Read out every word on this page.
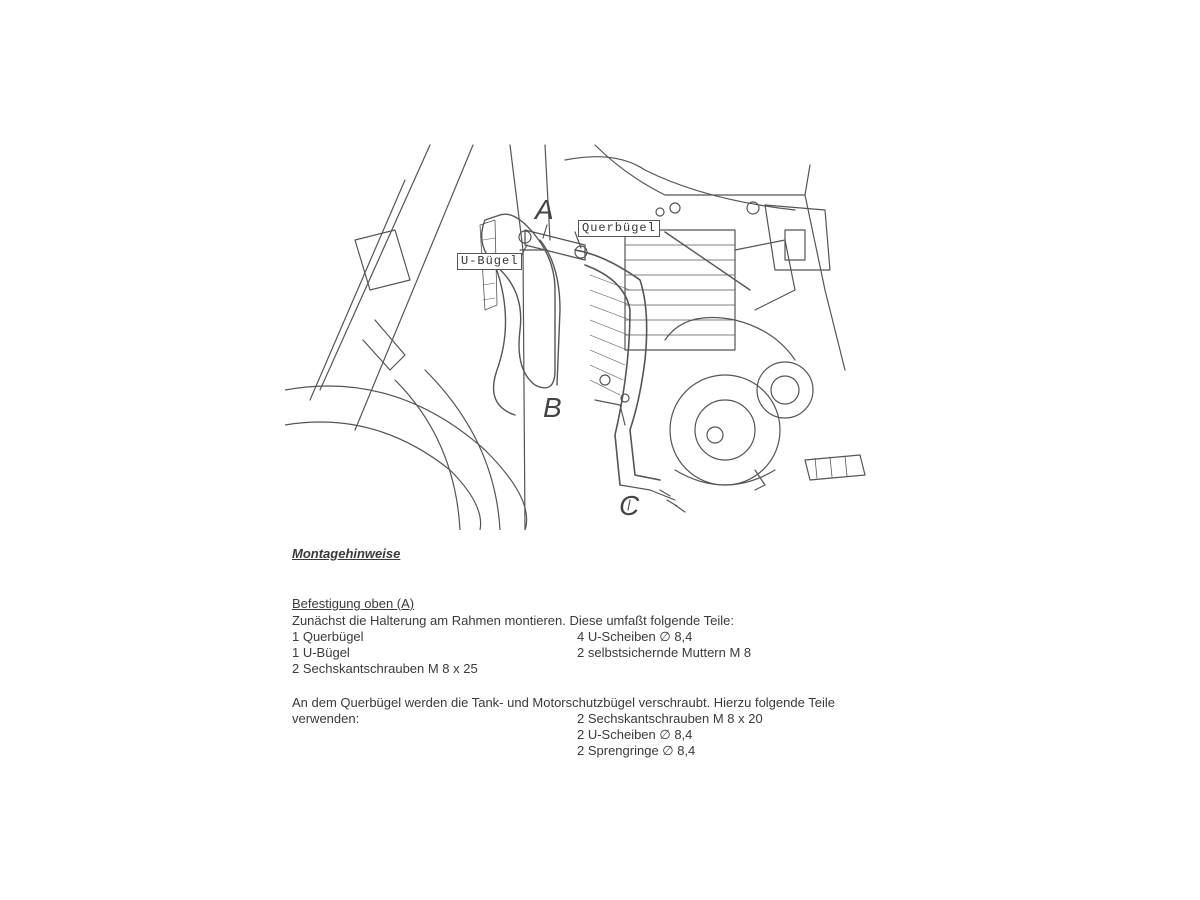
Querbügel
U-Bügel
A
B
C
Montagehinweise
Befestigung oben (A)
Zunächst die Halterung am Rahmen montieren. Diese umfaßt folgende Teile:
1 Querbügel
1 U-Bügel
2 Sechskantschrauben M 8 x 25
4 U-Scheiben ∅ 8,4
2 selbstsichernde Muttern M 8
An dem Querbügel werden die Tank- und Motorschutzbügel verschraubt. Hierzu folgende Teile
verwenden:	2 Sechskantschrauben M 8 x 20
2 U-Scheiben ∅ 8,4
2 Sprengringe ∅ 8,4
